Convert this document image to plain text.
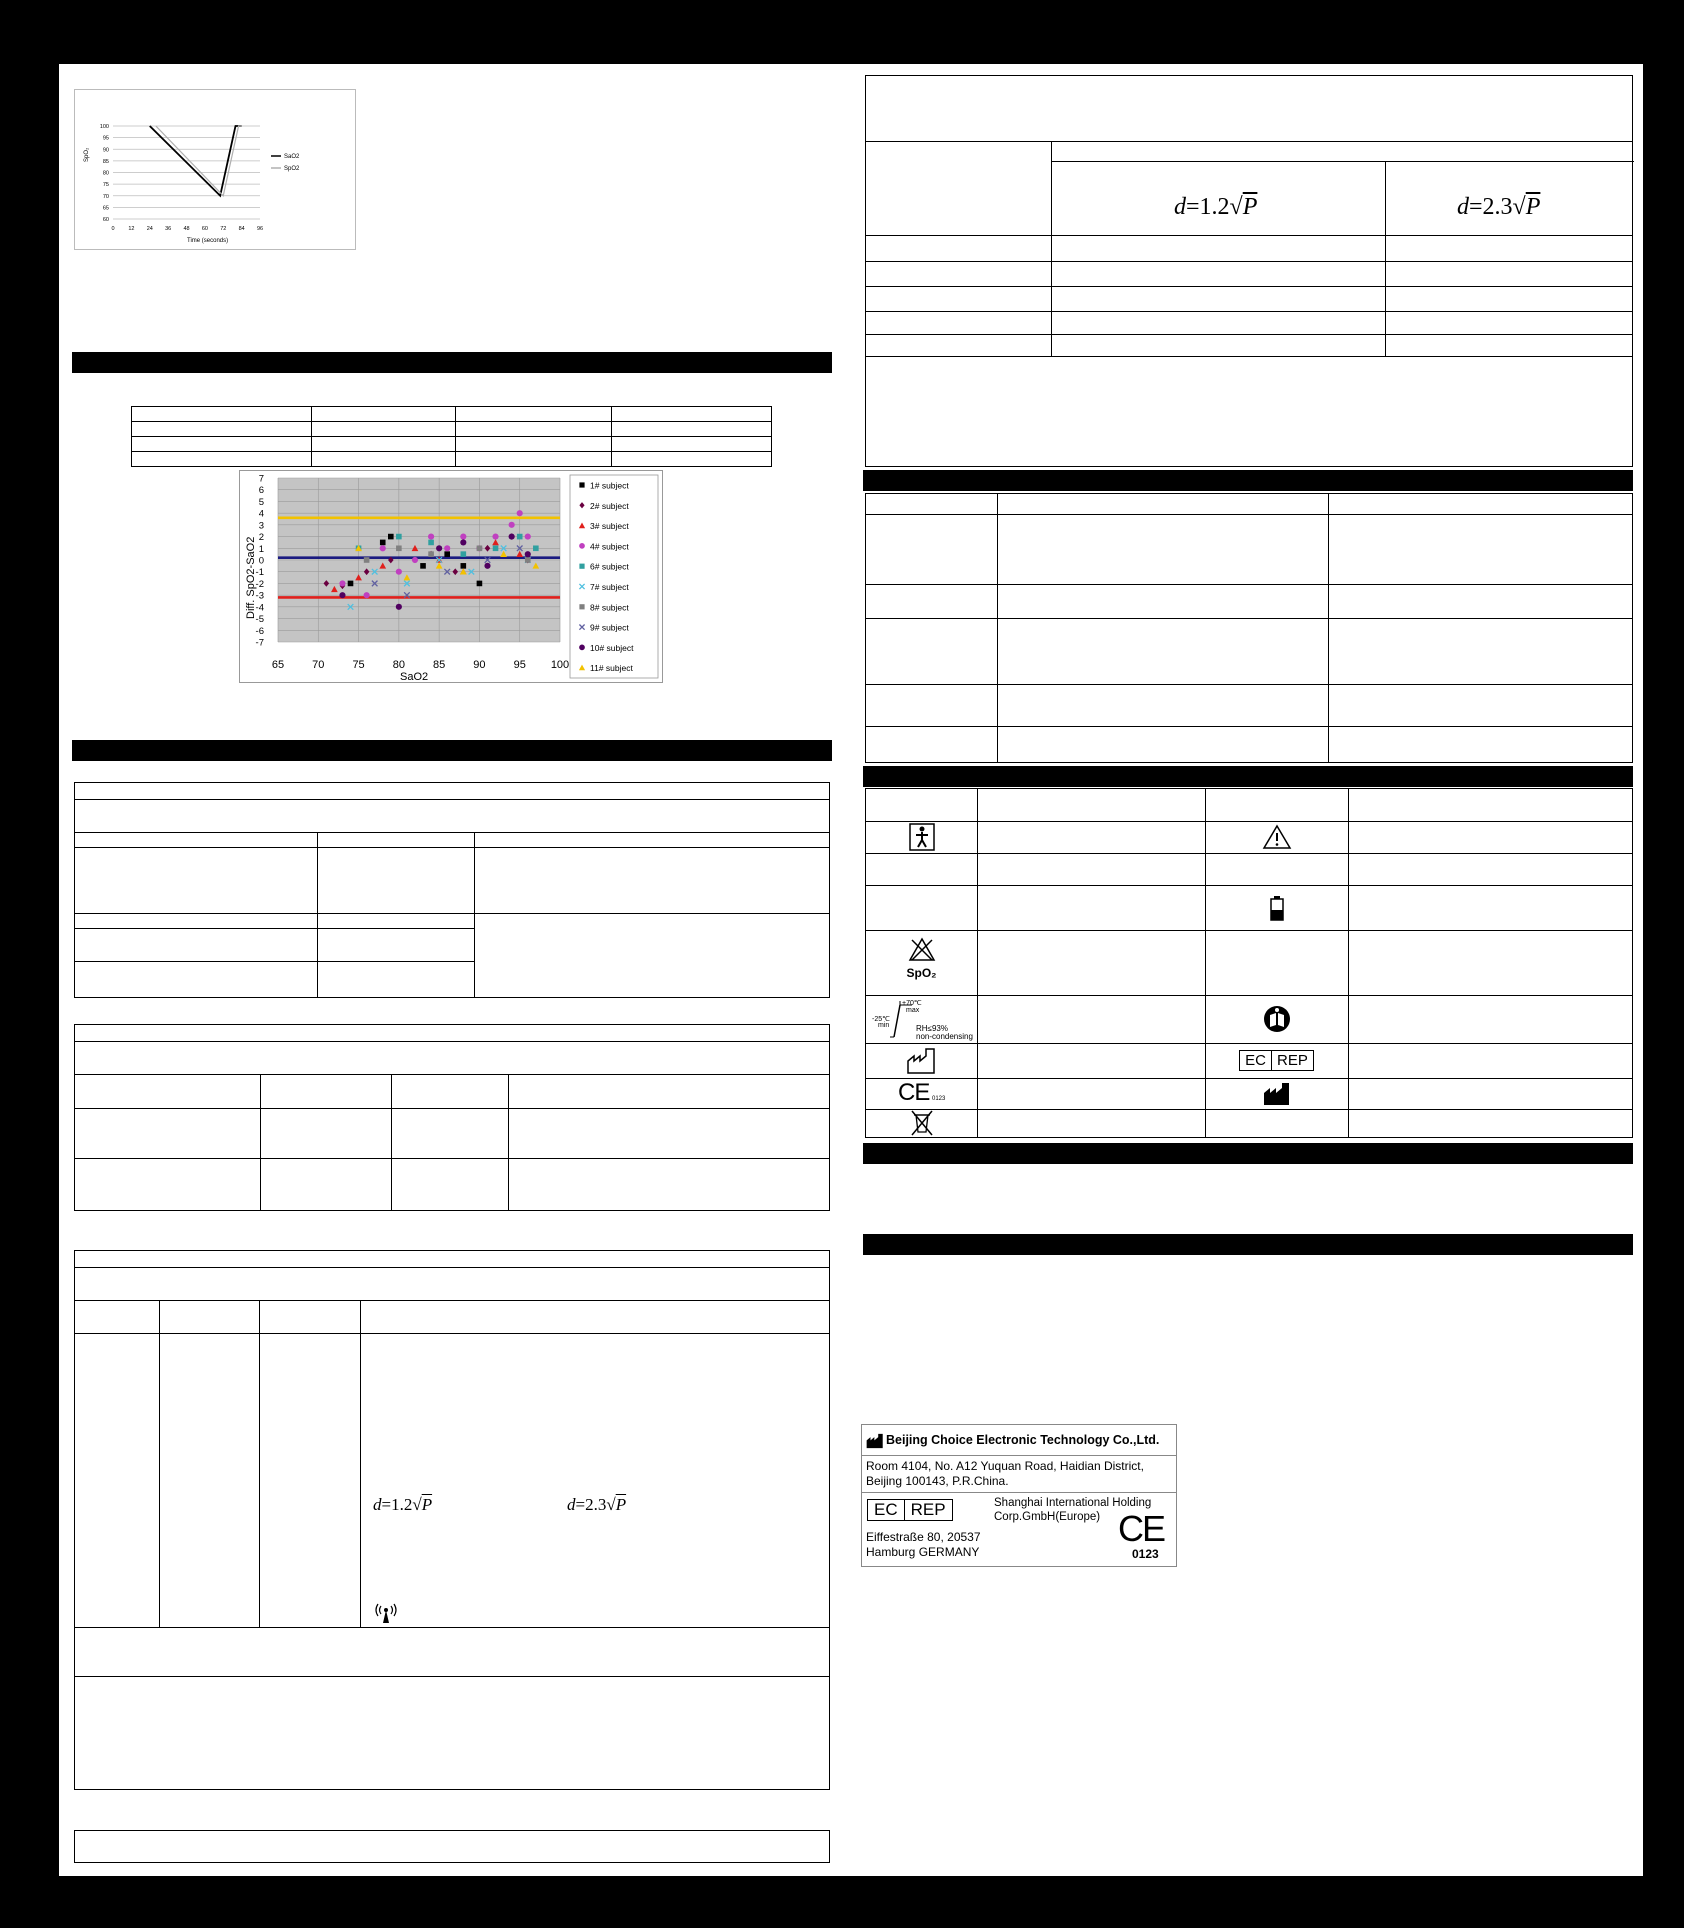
SpO₂
Time (seconds)
SaO2
SpO2
100
95
90
85
80
75
70
65
60
0	12 24 36 48 60 72 84 96

Diff. SpO2-SaO2
SaO2
7
6
5
4
3
2
1
0
-1
-2
-3
-4
-5
-6
-7
65	70	75	80	85	90	95 100
1# subject
2# subject
3# subject
4# subject
6# subject
7# subject
8# subject
9# subject
10# subject
11# subject
d=1.2√P	d=2.3√P
d=1.2√P	d=2.3√P
SpO₂
+70℃
max
-25℃
min	RH≤93%
non-condensing
EC REP
CE 0123
Beijing Choice Electronic Technology Co.,Ltd.
Room 4104, No. A12 Yuquan Road, Haidian District,
Beijing 100143, P.R.China.
EC REP	Shanghai International Holding
Corp.GmbH(Europe)
Eiffestraße 80, 20537
Hamburg GERMANY
CE
0123
